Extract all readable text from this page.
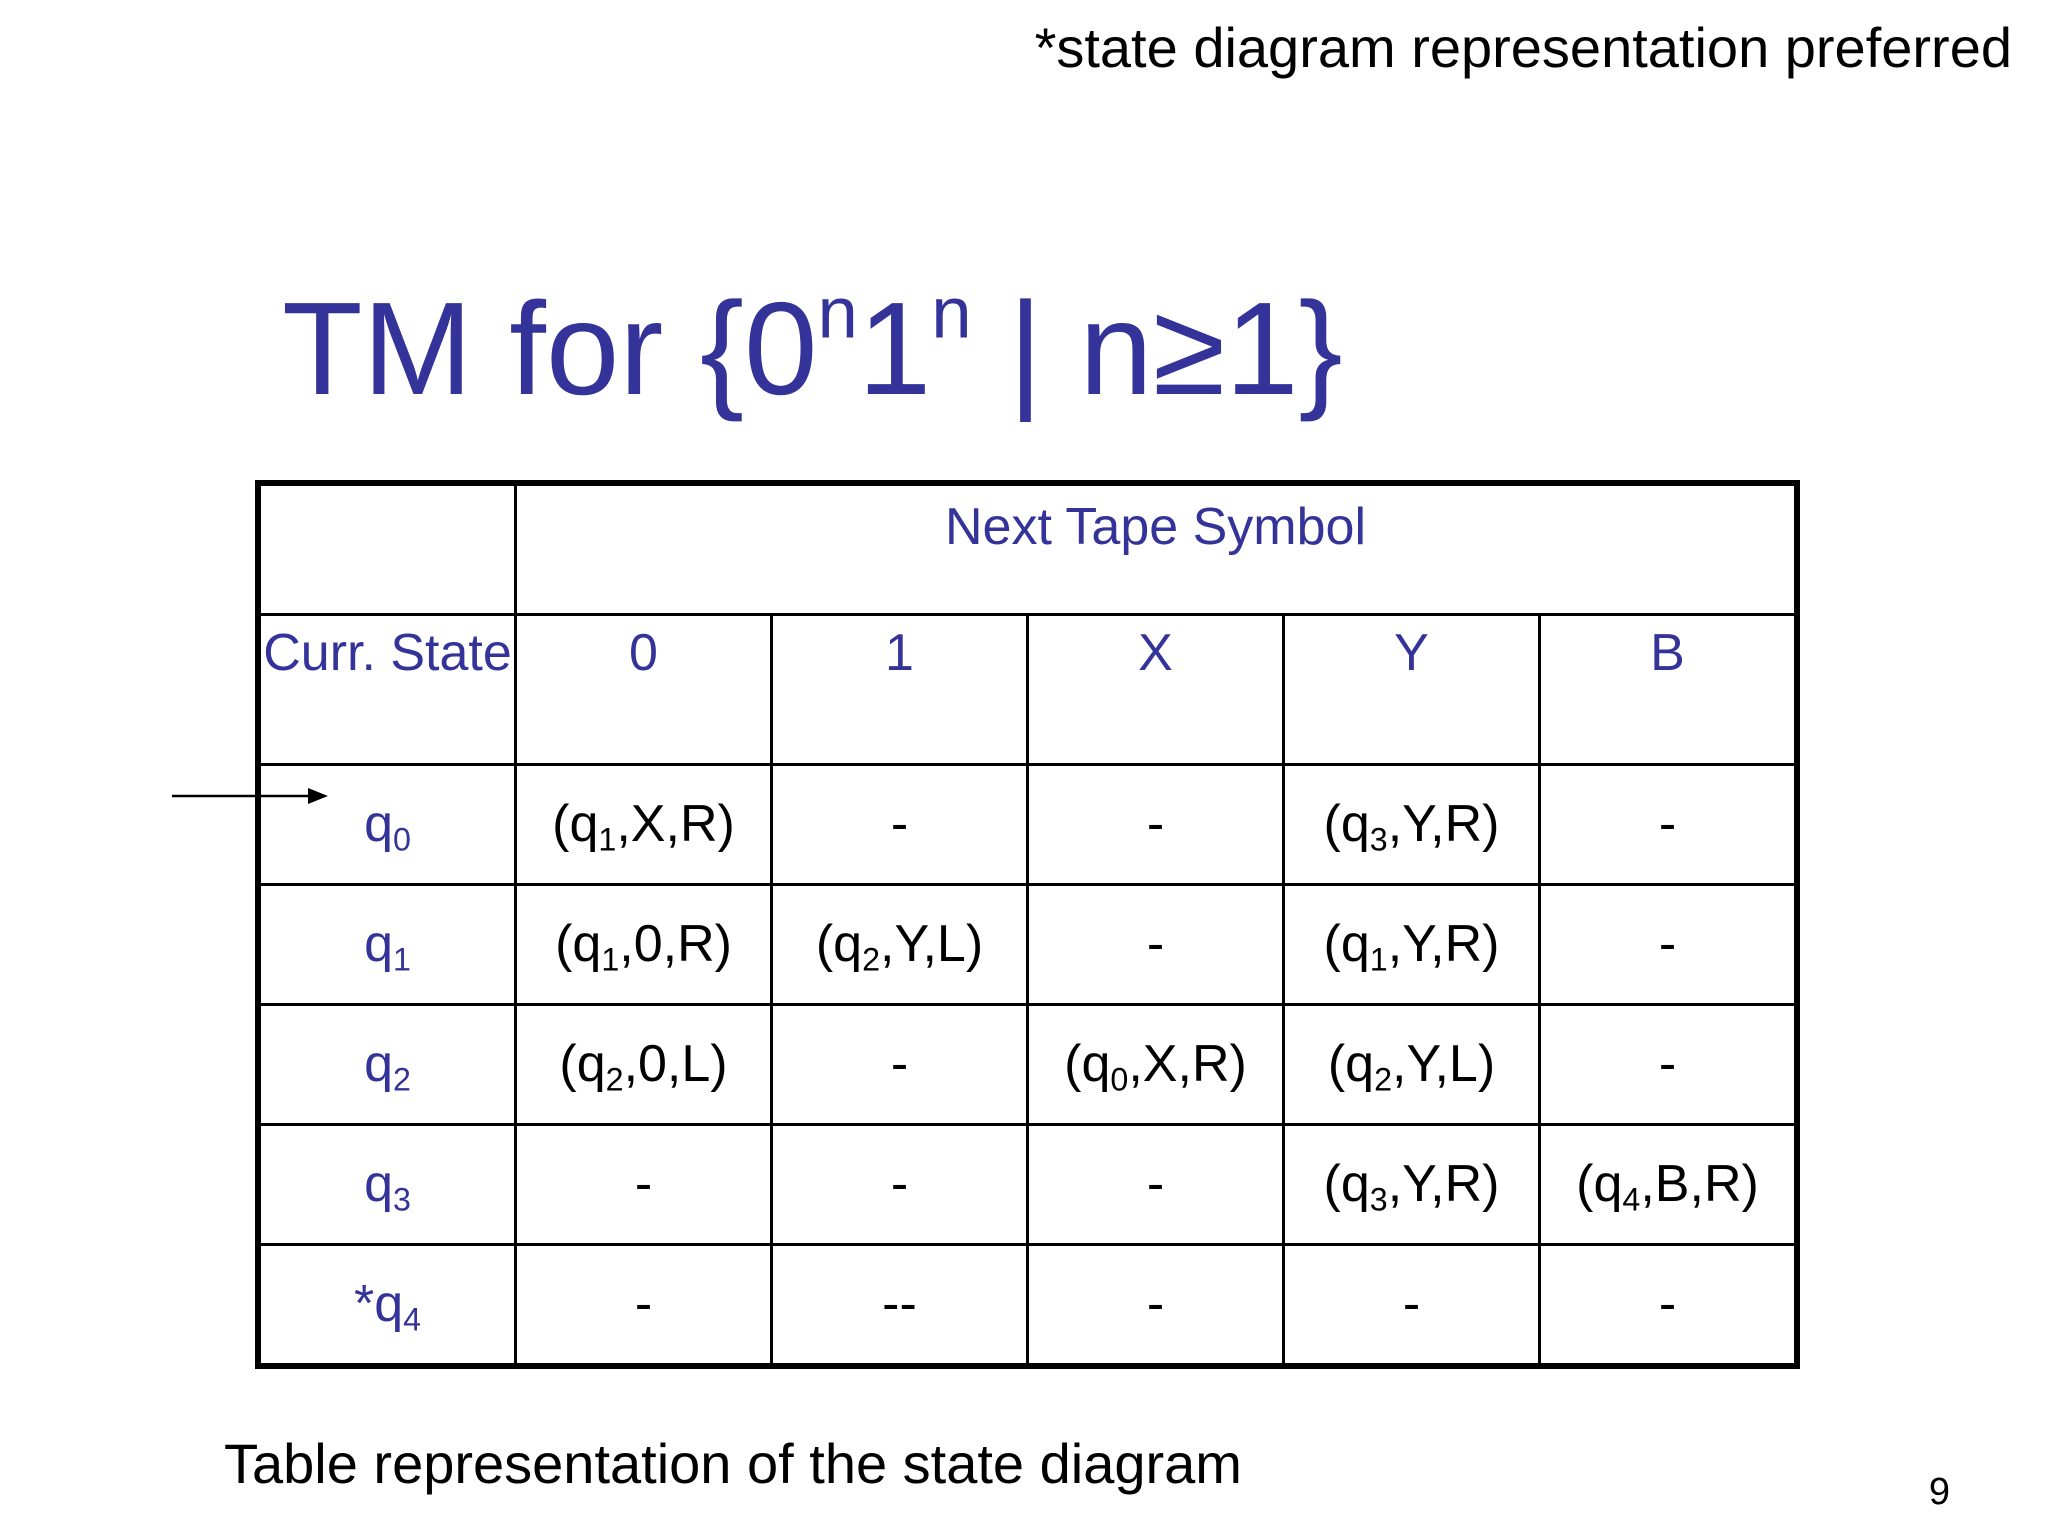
*state diagram representation preferred
TM for {0$^n$1$^n$ | n≥1}
	Next Tape Symbol				
Curr. State	0	1	X	Y	B
$q_0$	$(q_1,X,R)$	-	-	$(q_3,Y,R)$	-
$q_1$	$(q_1,0,R)$	$(q_2,Y,L)$	-	$(q_1,Y,R)$	-
$q_2$	$(q_2,0,L)$	-	$(q_0,X,R)$	$(q_2,Y,L)$	-
$q_3$	-	-	-	$(q_3,Y,R)$	$(q_4,B,R)$
$*q_4$	-	--	-	-	-
Table representation of the state diagram	9
